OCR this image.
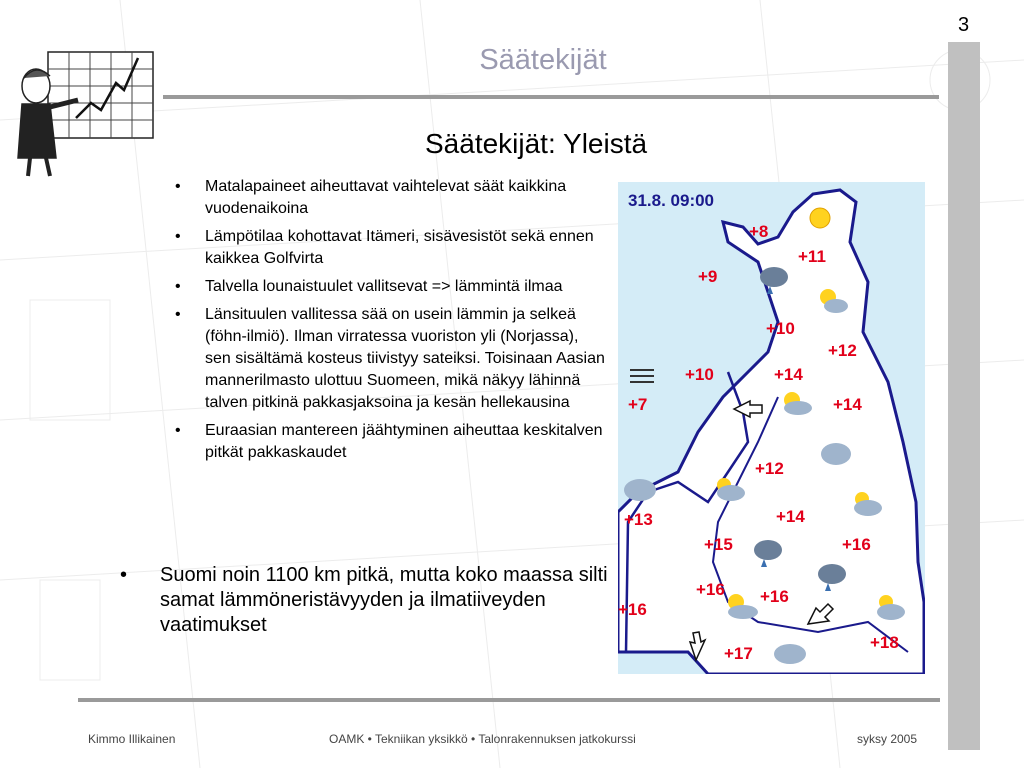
3
Säätekijät
Säätekijät: Yleistä
• Matalapaineet aiheuttavat vaihtelevat säät kaikkina vuodenaikoina
• Lämpötilaa kohottavat Itämeri, sisävesistöt sekä ennen kaikkea Golfvirta
• Talvella lounaistuulet vallitsevat => lämmintä ilmaa
• Länsituulen vallitessa sää on usein lämmin ja selkeä (föhn-ilmiö). Ilman virratessa vuoriston yli (Norjassa), sen sisältämä kosteus tiivistyy sateiksi. Toisinaan Aasian mannerilmasto ulottuu Suomeen, mikä näkyy lähinnä talven pitkinä pakkasjaksoina ja kesän hellekausina
• Euraasian mantereen jäähtyminen aiheuttaa keskitalven pitkät pakkaskaudet
• Suomi noin 1100 km pitkä, mutta koko maassa silti samat lämmöneristävyyden ja ilmatiiveyden vaatimukset
31.8. 09:00
+8
+11
+9
+10
+12
+10	+14
+7	+14
+12
+13	+14
+15	+16
+16 +16
+16
+18
+17
Kimmo Illikainen	OAMK • Tekniikan yksikkö • Talonrakennuksen jatkokurssi	syksy 2005
